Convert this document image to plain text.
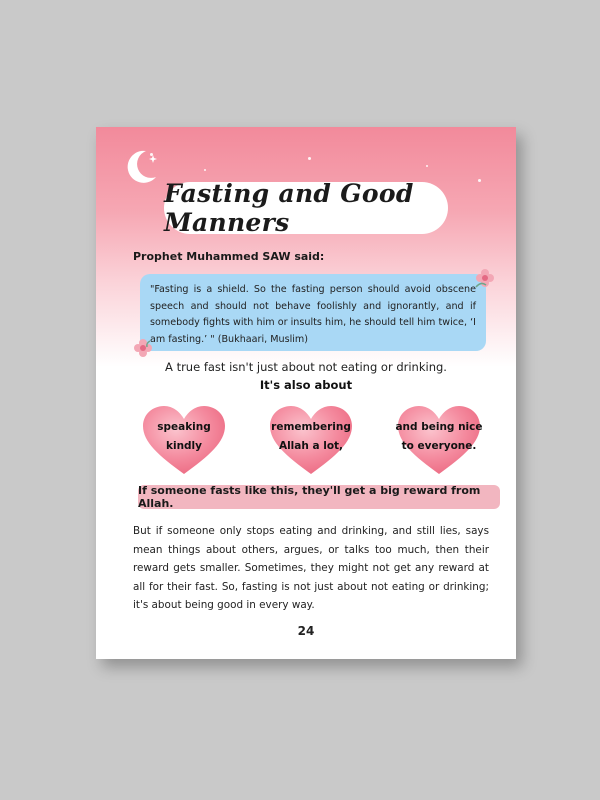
Fasting and Good Manners
Prophet Muhammed SAW said:
"Fasting is a shield. So the fasting person should avoid obscene speech and should not behave foolishly and ignorantly, and if somebody fights with him or insults him, he should tell him twice, ‘I am fasting.’ " (Bukhaari, Muslim)
A true fast isn't just about not eating or drinking.
It's also about
speaking
kindly
remembering
Allah a lot,
and being nice
to everyone.
If someone fasts like this, they'll get a big reward from Allah.
But if someone only stops eating and drinking, and still lies, says mean things about others, argues, or talks too much, then their reward gets smaller. Sometimes, they might not get any reward at all for their fast. So, fasting is not just about not eating or drinking; it's about being good in every way.
24
